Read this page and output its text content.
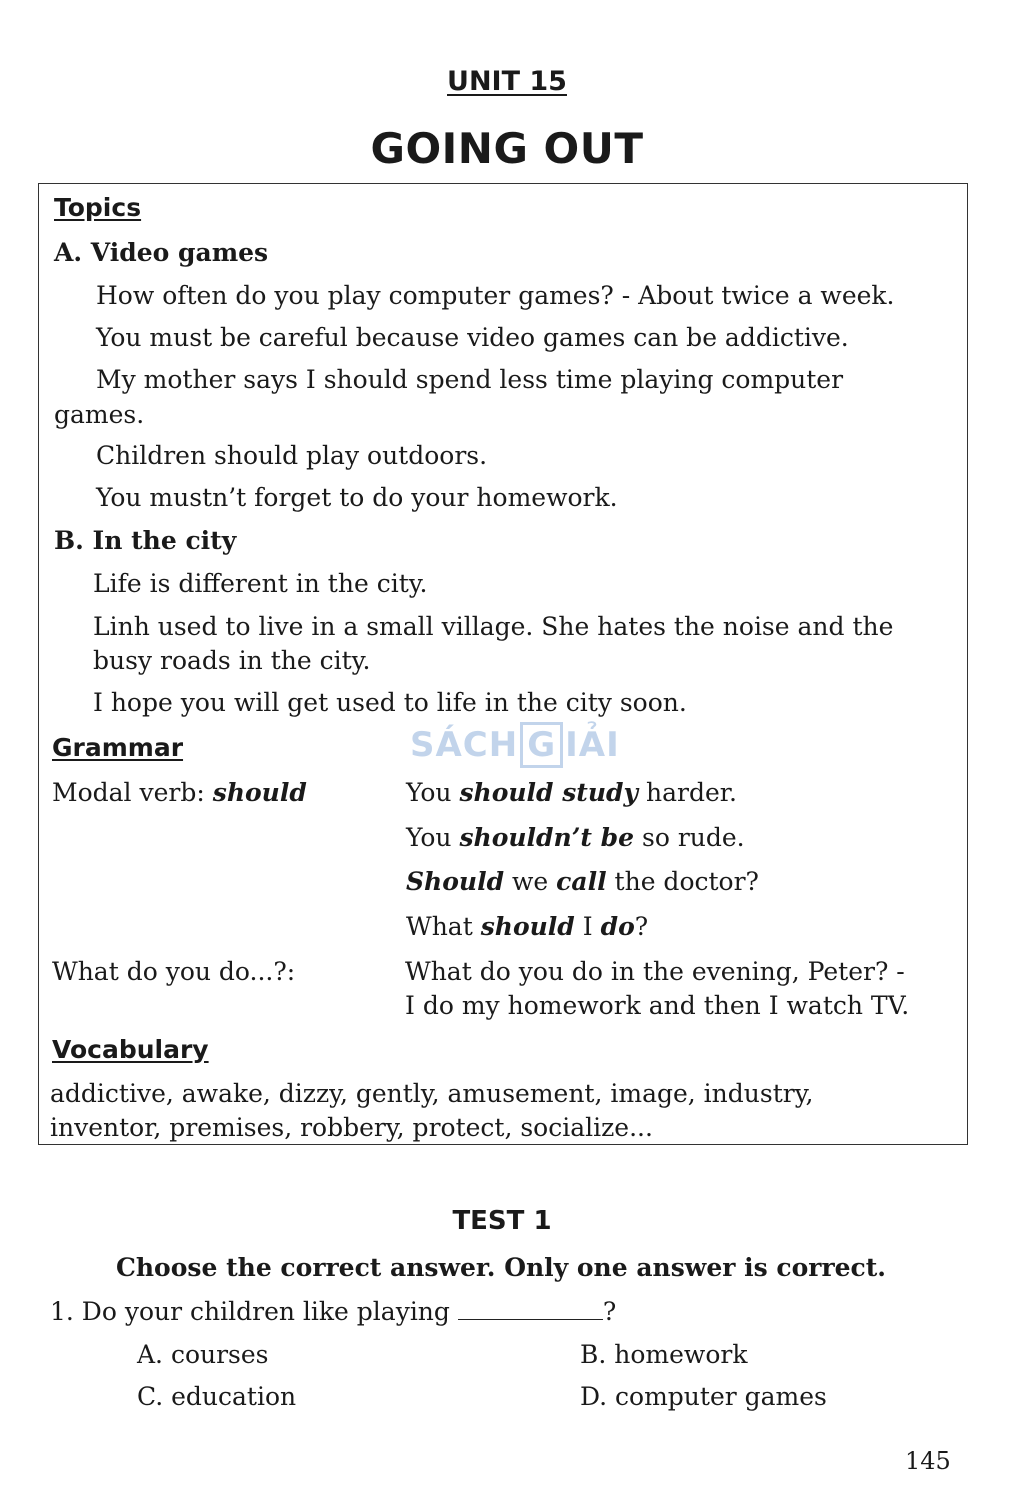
UNIT 15
GOING OUT
Topics
A. Video games
How often do you play computer games? - About twice a week.
You must be careful because video games can be addictive.
My mother says I should spend less time playing computer
games.
Children should play outdoors.
You mustn’t forget to do your homework.
B. In the city
Life is different in the city.
Linh used to live in a small village. She hates the noise and the
busy roads in the city.
I hope you will get used to life in the city soon.
Grammar
Modal verb: should	You should study harder.
You shouldn’t be so rude.
Should we call the doctor?
What should I do?
What do you do...?:	What do you do in the evening, Peter? -
I do my homework and then I watch TV.
Vocabulary
addictive, awake, dizzy, gently, amusement, image, industry,
inventor, premises, robbery, protect, socialize...
SÁCH G IẢI
TEST 1
Choose the correct answer. Only one answer is correct.
1. Do your children like playing	?
A. courses	B. homework
C. education	D. computer games
145
